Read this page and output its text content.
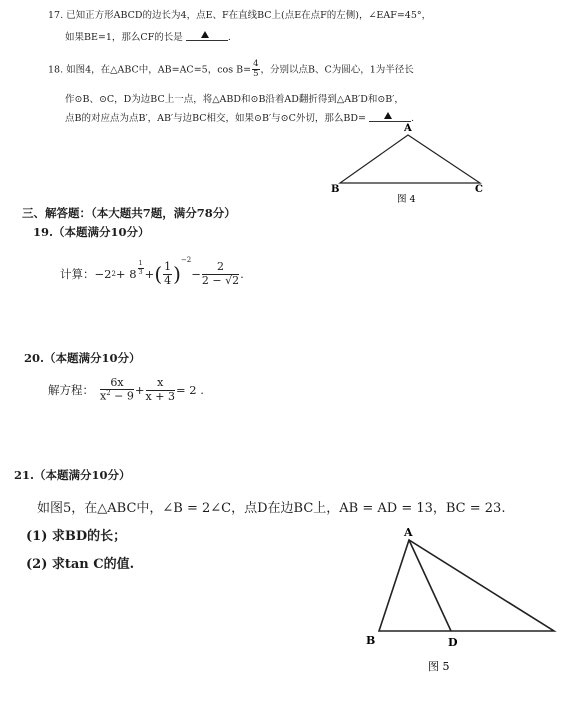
17. 已知正方形ABCD的边长为4，点E、F在直线BC上(点E在点F的左侧)，∠EAF=45°，
如果BE=1，那么CF的长是	.
18. 如图4，在△ABC中，AB=AC=5，$\cos B= \frac{4}{5}$ ，分别以点B、C为圆心，1为半径长
作⊙B、⊙C，D为边BC上一点，将△ABD和⊙B沿着AD翻折得到△AB′D和⊙B′，
点B的对应点为点B′，AB′与边BC相交，如果⊙B′与⊙C外切，那么BD=	.
A
B	C
图 4
三、解答题：（本大题共7题，满分78分）
19.（本题满分10分）
计算： −2 $2 + 8 \frac{1}{3}$ + ( $\frac{1}{4}$ )
−2
− $\frac{2}{2 - √2}$ .
20.（本题满分10分）
解方程： $\frac{6x}{x^2 - 9} + \frac{x}{x + 3} = 2$ .
21.（本题满分10分）
如图5，在△ABC中，∠B = 2∠C，点D在边BC上，AB = AD = 13，BC = 23.
(1) 求BD的长；
(2) 求tan C的值.
A
B	D
图 5
